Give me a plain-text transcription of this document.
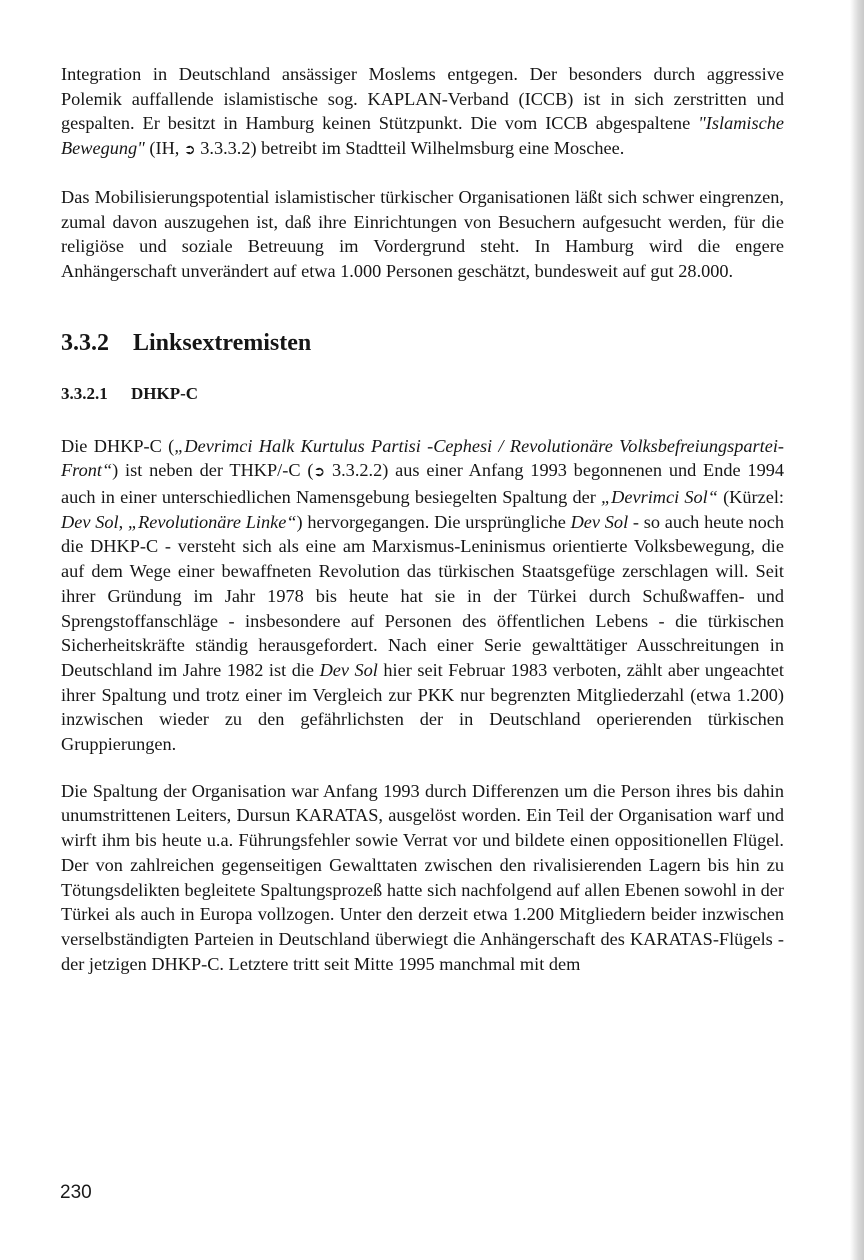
Integration in Deutschland ansässiger Moslems entgegen. Der besonders durch aggressive Polemik auffallende islamistische sog. KAPLAN-Verband (ICCB) ist in sich zerstritten und gespalten. Er besitzt in Hamburg keinen Stützpunkt. Die vom ICCB abgespaltene "Islamische Bewegung" (IH, ➲ 3.3.3.2) betreibt im Stadtteil Wilhelmsburg eine Moschee.

Das Mobilisierungspotential islamistischer türkischer Organisationen läßt sich schwer eingrenzen, zumal davon auszugehen ist, daß ihre Einrichtungen von Besuchern aufgesucht werden, für die religiöse und soziale Betreuung im Vordergrund steht. In Hamburg wird die engere Anhängerschaft unverändert auf etwa 1.000 Personen geschätzt, bundesweit auf gut 28.000.

3.3.2 Linksextremisten
3.3.2.1 DHKP-C

Die DHKP-C („Devrimci Halk Kurtulus Partisi -Cephesi / Revolutionäre Volksbefreiungspartei-Front“) ist neben der THKP/-C (➲ 3.3.2.2) aus einer Anfang 1993 begonnenen und Ende 1994 auch in einer unterschiedlichen Namensgebung besiegelten Spaltung der „Devrimci Sol“ (Kürzel: Dev Sol, „Revolutionäre Linke“) hervorgegangen. Die ursprüngliche Dev Sol - so auch heute noch die DHKP-C - versteht sich als eine am Marxismus-Leninismus orientierte Volksbewegung, die auf dem Wege einer bewaffneten Revolution das türkischen Staatsgefüge zerschlagen will. Seit ihrer Gründung im Jahr 1978 bis heute hat sie in der Türkei durch Schußwaffen- und Sprengstoffanschläge - insbesondere auf Personen des öffentlichen Lebens - die türkischen Sicherheitskräfte ständig herausgefordert. Nach einer Serie gewalttätiger Ausschreitungen in Deutschland im Jahre 1982 ist die Dev Sol hier seit Februar 1983 verboten, zählt aber ungeachtet ihrer Spaltung und trotz einer im Vergleich zur PKK nur begrenzten Mitgliederzahl (etwa 1.200) inzwischen wieder zu den gefährlichsten der in Deutschland operierenden türkischen Gruppierungen.

Die Spaltung der Organisation war Anfang 1993 durch Differenzen um die Person ihres bis dahin unumstrittenen Leiters, Dursun KARATAS, ausgelöst worden. Ein Teil der Organisation warf und wirft ihm bis heute u.a. Führungsfehler sowie Verrat vor und bildete einen oppositionellen Flügel. Der von zahlreichen gegenseitigen Gewalttaten zwischen den rivalisierenden Lagern bis hin zu Tötungsdelikten begleitete Spaltungsprozeß hatte sich nachfolgend auf allen Ebenen sowohl in der Türkei als auch in Europa vollzogen. Unter den derzeit etwa 1.200 Mitgliedern beider inzwischen verselbständigten Parteien in Deutschland überwiegt die Anhängerschaft des KARATAS-Flügels - der jetzigen DHKP-C. Letztere tritt seit Mitte 1995 manchmal mit dem

230
